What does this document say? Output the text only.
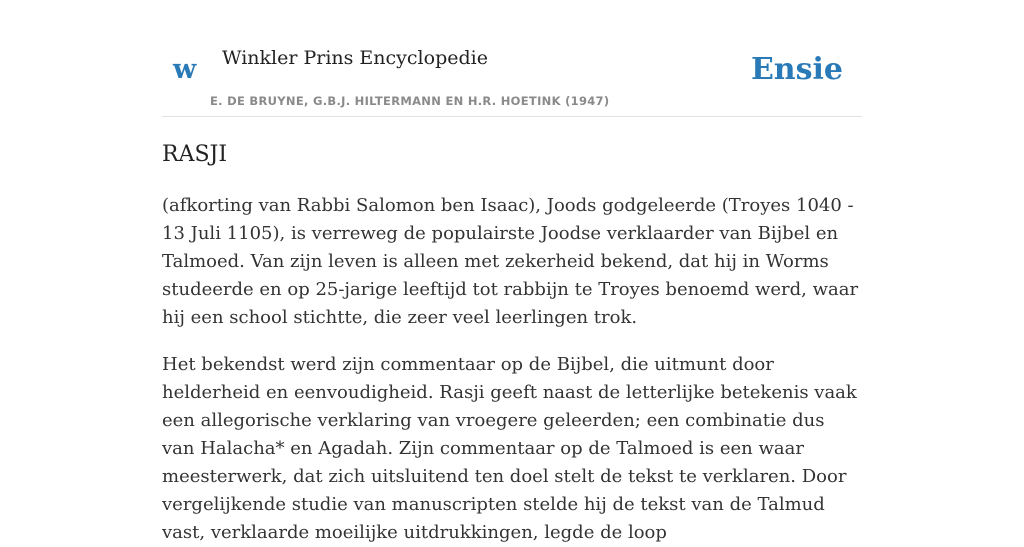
w Winkler Prins Encyclopedie
E. DE BRUYNE, G.B.J. HILTERMANN EN H.R. HOETINK (1947)
Ensie
RASJI

(afkorting van Rabbi Salomon ben Isaac), Joods godgeleerde (Troyes 1040 - 13 Juli 1105), is verreweg de populairste Joodse verklaarder van Bijbel en Talmoed. Van zijn leven is alleen met zekerheid bekend, dat hij in Worms studeerde en op 25-jarige leeftijd tot rabbijn te Troyes benoemd werd, waar hij een school stichtte, die zeer veel leerlingen trok.

Het bekendst werd zijn commentaar op de Bijbel, die uitmunt door helderheid en eenvoudigheid. Rasji geeft naast de letterlijke betekenis vaak een allegorische verklaring van vroegere geleerden; een combinatie dus van Halacha* en Agadah. Zijn commentaar op de Talmoed is een waar meesterwerk, dat zich uitsluitend ten doel stelt de tekst te verklaren. Door vergelijkende studie van manuscripten stelde hij de tekst van de Talmud vast, verklaarde moeilijke uitdrukkingen, legde de loop
